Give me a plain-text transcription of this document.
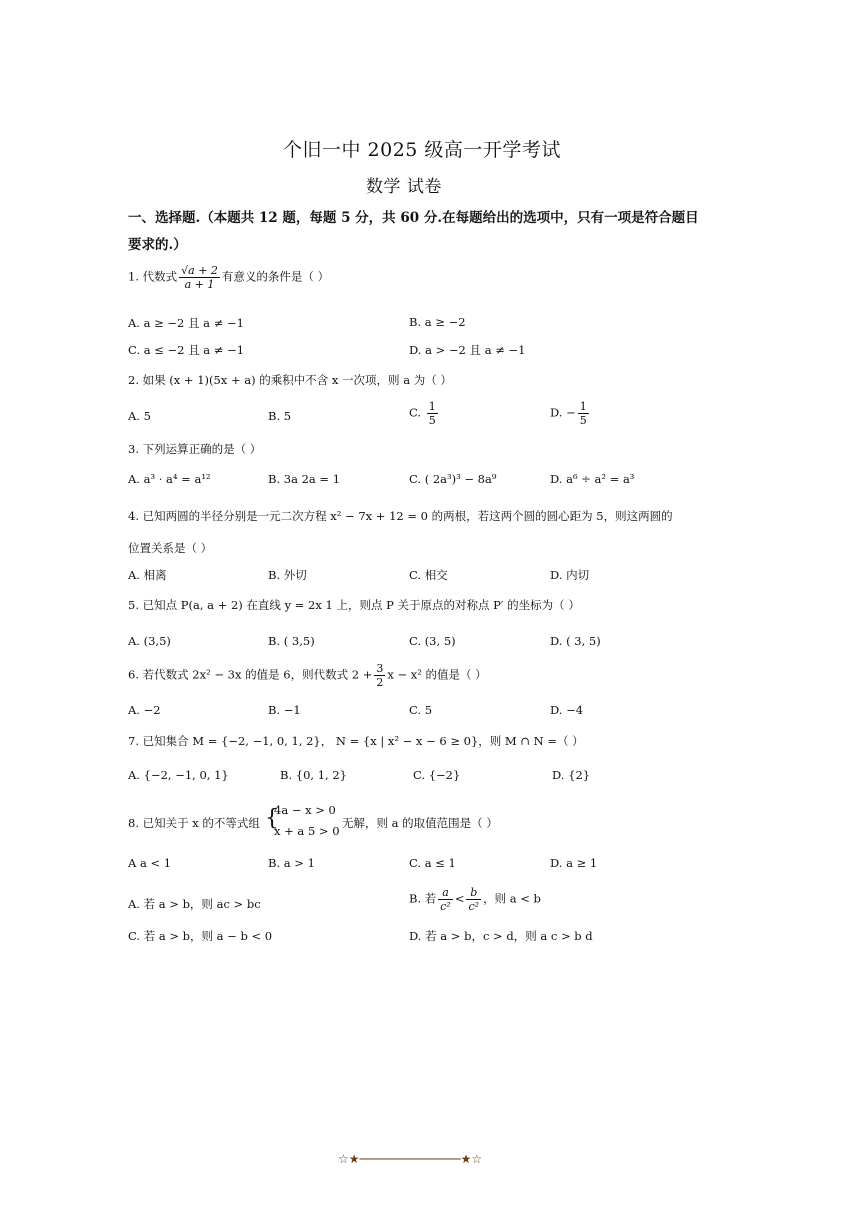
个旧一中 2025 级高一开学考试
数学 试卷
一、选择题.（本题共 12 题，每题 5 分，共 60 分.在每题给出的选项中，只有一项是符合题目
要求的.）
1. 代数式 $\frac{√a + 2}{a + 1}$ 有意义的条件是（ ）
A. a ≥ −2 且 a ≠ −1	B. a ≥ −2
C. a ≤ −2 且 a ≠ −1	D. a > −2 且 a ≠ −1
2. 如果 (x + 1)(5x + a) 的乘积中不含 x 一次项，则 a 为（ ）
A. 5	B. 5	C. $\frac{1}{5}$	D. − $\frac{1}{5}$
3. 下列运算正确的是（ ）
A. a³ · a⁴ = a¹²	B. 3a 2a = 1	C. ( 2a³)³ − 8a⁹	D. a⁶ ÷ a² = a³
4. 已知两圆的半径分别是一元二次方程 x² − 7x + 12 = 0 的两根，若这两个圆的圆心距为 5，则这两圆的
位置关系是（ ）
A. 相离	B. 外切	C. 相交	D. 内切
5. 已知点 P(a, a + 2) 在直线 y = 2x 1 上，则点 P 关于原点的对称点 P′ 的坐标为（ ）
A. (3,5)	B. ( 3,5)	C. (3, 5)	D. ( 3, 5)
6. 若代数式 2x² − 3x 的值是 6，则代数式 $2 + \frac{3}{2}$ x − x² 的值是（ ）
A. −2	B. −1	C. 5	D. −4
7. 已知集合 M = {−2, −1, 0, 1, 2}， N = {x | x² − x − 6 ≥ 0}，则 M ∩ N =（ ）
A. {−2, −1, 0, 1}	B. {0, 1, 2}	C. {−2}	D. {2}
8. 已知关于 x 的不等式组 {
4a − x > 0
x + a 5 > 0
无解，则 a 的取值范围是（ ）
A a < 1	B. a > 1	C. a ≤ 1	D. a ≥ 1
A. 若 a > b，则 ac > bc	B. 若 $\frac{a}{\text{c²}} < \frac{b}{\text{c²}}$ ，则 a < b
C. 若 a > b，则 a − b < 0	D. 若 a > b，c > d，则 a c > b d
☆★──────────────★☆
